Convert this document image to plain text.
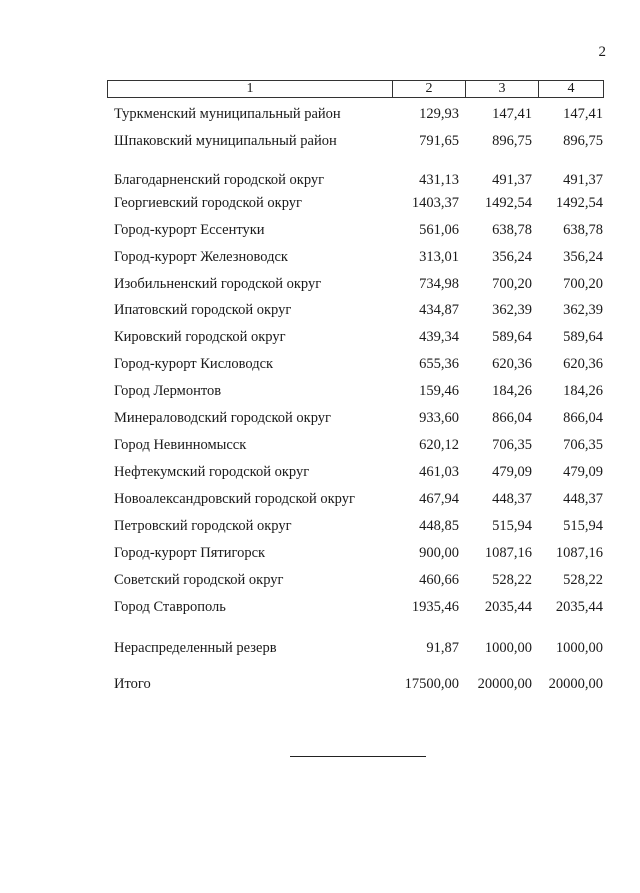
2
1	2	3	4
Туркменский муниципальный район	129,93 147,41 147,41
Шпаковский муниципальный район	791,65 896,75 896,75
Благодарненский городской округ	431,13 491,37 491,37
Георгиевский городской округ	1403,37 1492,54 1492,54
Город-курорт Ессентуки	561,06 638,78 638,78
Город-курорт Железноводск	313,01 356,24 356,24
Изобильненский городской округ	734,98 700,20 700,20
Ипатовский городской округ	434,87 362,39 362,39
Кировский городской округ	439,34 589,64 589,64
Город-курорт Кисловодск	655,36 620,36 620,36
Город Лермонтов	159,46 184,26 184,26
Минераловодский городской округ	933,60 866,04 866,04
Город Невинномысск	620,12 706,35 706,35
Нефтекумский городской округ	461,03 479,09 479,09
Новоалександровский городской округ	467,94 448,37 448,37
Петровский городской округ	448,85 515,94 515,94
Город-курорт Пятигорск	900,00 1087,16 1087,16
Советский городской округ	460,66 528,22 528,22
Город Ставрополь	1935,46 2035,44 2035,44
Нераспределенный резерв	91,87 1000,00 1000,00
Итого	17500,00 20000,00 20000,00
